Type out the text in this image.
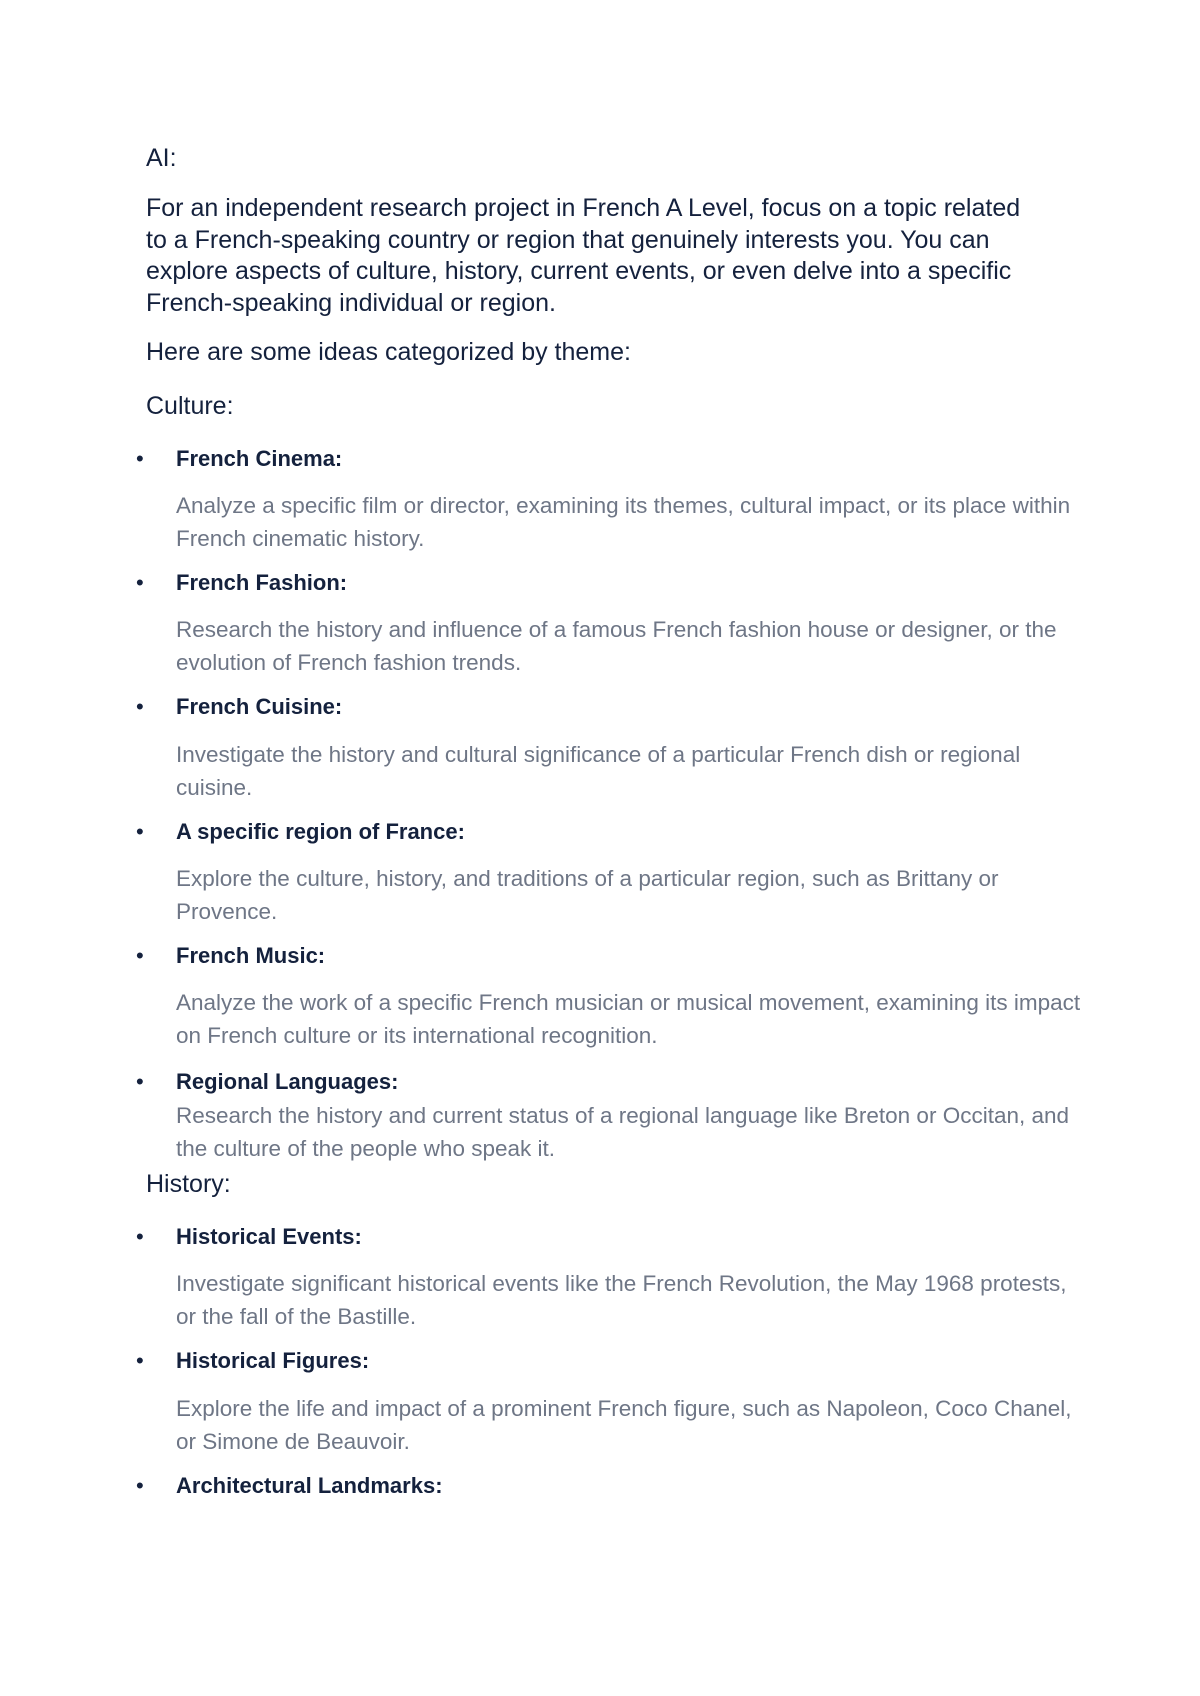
AI:
For an independent research project in French A Level, focus on a topic related to a French-speaking country or region that genuinely interests you. You can explore aspects of culture, history, current events, or even delve into a specific French-speaking individual or region.
Here are some ideas categorized by theme:
Culture:
• French Cinema:
Analyze a specific film or director, examining its themes, cultural impact, or its place within French cinematic history.
• French Fashion:
Research the history and influence of a famous French fashion house or designer, or the evolution of French fashion trends.
• French Cuisine:
Investigate the history and cultural significance of a particular French dish or regional cuisine.
• A specific region of France:
Explore the culture, history, and traditions of a particular region, such as Brittany or Provence.
• French Music:
Analyze the work of a specific French musician or musical movement, examining its impact on French culture or its international recognition.
• Regional Languages:
Research the history and current status of a regional language like Breton or Occitan, and the culture of the people who speak it.
History:
• Historical Events:
Investigate significant historical events like the French Revolution, the May 1968 protests, or the fall of the Bastille.
• Historical Figures:
Explore the life and impact of a prominent French figure, such as Napoleon, Coco Chanel, or Simone de Beauvoir.
• Architectural Landmarks:
